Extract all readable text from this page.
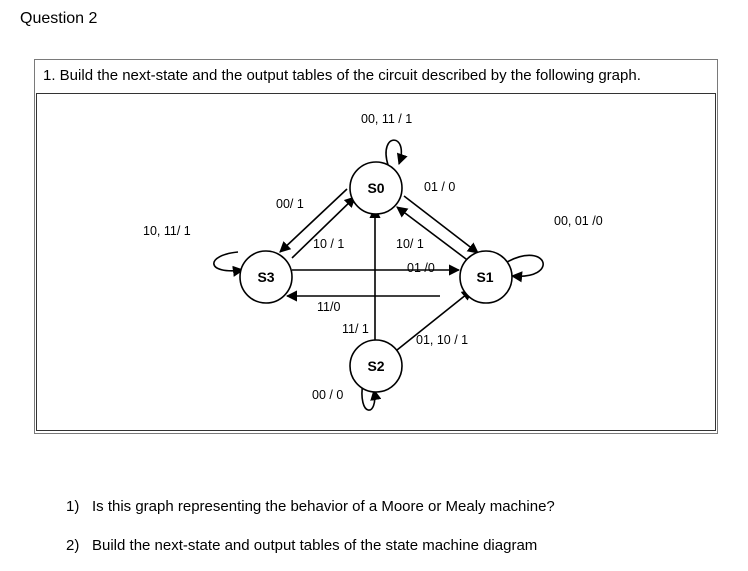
Question 2
1. Build the next-state and the output tables of the circuit described by the following graph.
S0
S1
S2
S3
00, 11 / 1
01 / 0
00/ 1
10, 11/ 1
10 / 1	10/ 1
01 /0
00, 01 /0
11/0
11/ 1
01, 10 / 1
00 / 0
1) Is this graph representing the behavior of a Moore or Mealy machine?
2) Build the next-state and output tables of the state machine diagram
